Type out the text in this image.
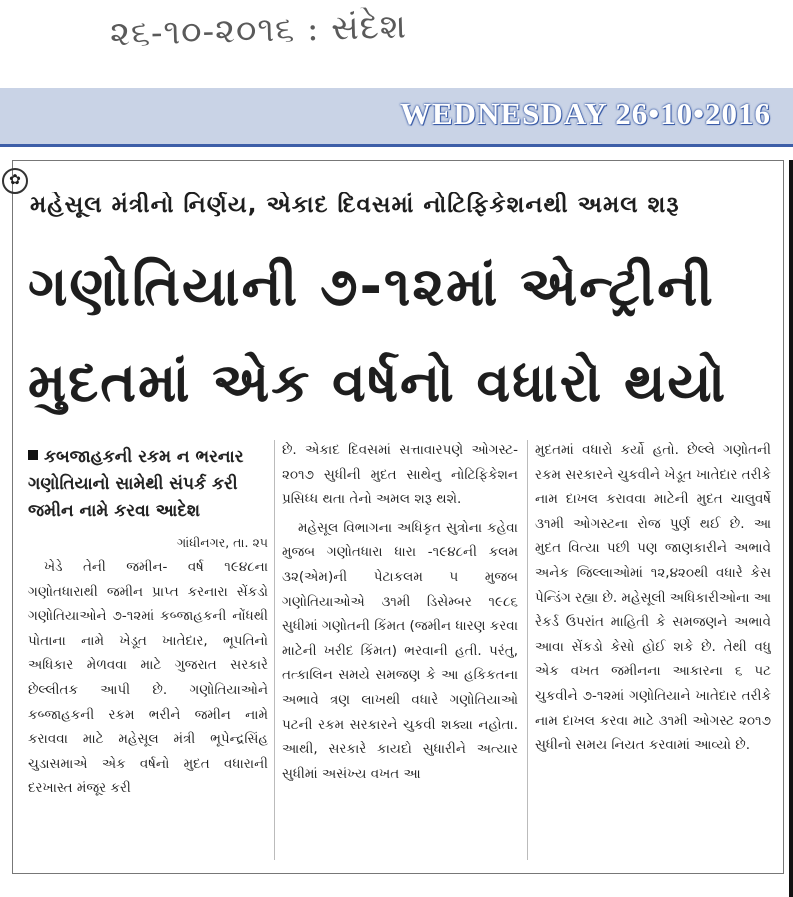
૨૬-૧૦-૨૦૧૬ : સંદેશ
WEDNESDAY 26•10•2016
✿
મહેસૂલ મંત્રીનો નિર્ણય, એકાદ દિવસમાં નોટિફિકેશનથી અમલ શરૂ
ગણોતિયાની ૭-૧૨માં એન્ટ્રીની
મુદતમાં એક વર્ષનો વધારો થયો
કબજાહકની રકમ ન ભરનાર ગણોતિયાનો સામેથી સંપર્ક કરી જમીન નામે કરવા આદેશ
ગાંધીનગર, તા. ૨૫

ખેડે તેની જમીન- વર્ષ ૧૯૪૮ના ગણોતધારાથી જમીન પ્રાપ્ત કરનારા સેંકડો ગણોતિયાઓને ૭-૧૨માં કબ્જાહકની નોંધથી પોતાના નામે ખેડૂત ખાતેદાર, ભૂપતિનો અધિકાર મેળવવા માટે ગુજરાત સરકારે છેલ્લીતક આપી છે. ગણોતિયાઓને કબ્જાહકની રકમ ભરીને જમીન નામે કરાવવા માટે મહેસૂલ મંત્રી ભૂપેન્દ્રસિંહ ચુડાસમાએ એક વર્ષનો મુદત વધારાની દરખાસ્ત મંજૂર કરી

છે. એકાદ દિવસમાં સત્તાવારપણે ઓગસ્ટ- ૨૦૧૭ સુધીની મુદત સાથેનુ નોટિફિકેશન પ્રસિધ્ધ થતા તેનો અમલ શરૂ થશે.

મહેસૂલ વિભાગના અધિકૃત સુત્રોના કહેવા મુજબ ગણોતધારા ધારા -૧૯૪૮ની કલમ ૩૨(એમ)ની પેટાકલમ ૫ મુજબ ગણોતિયાઓએ ૩૧મી ડિસેમ્બર ૧૯૮૬ સુધીમાં ગણોતની કિંમત (જમીન ધારણ કરવા માટેની ખરીદ કિંમત) ભરવાની હતી. પરંતુ, તત્કાલિન સમયે સમજણ કે આ હકિકતના અભાવે ત્રણ લાખથી વધારે ગણોતિયાઓ પટની રકમ સરકારને ચુકવી શક્યા નહોતા. આથી, સરકારે કાયદો સુધારીને અત્યાર સુધીમાં અસંખ્ય વખત આ

મુદતમાં વધારો કર્યો હતો. છેલ્લે ગણોતની રકમ સરકારને ચુકવીને ખેડૂત ખાતેદાર તરીકે નામ દાખલ કરાવવા માટેની મુદત ચાલુવર્ષે ૩૧મી ઓગસ્ટના રોજ પુર્ણ થઈ છે. આ મુદત વિત્યા પછી પણ જાણકારીને અભાવે અનેક જિલ્લાઓમાં ૧૨,૪૨૦થી વધારે કેસ પેન્ડિંગ રહ્યા છે. મહેસૂલી અધિકારીઓના આ રેકર્ડ ઉપરાંત માહિતી કે સમજણને અભાવે આવા સેંકડો કેસો હોઈ શકે છે. તેથી વધુ એક વખત જમીનના આકારના ૬ પટ ચુકવીને ૭-૧૨માં ગણોતિયાને ખાતેદાર તરીકે નામ દાખલ કરવા માટે ૩૧મી ઓગસ્ટ ૨૦૧૭ સુધીનો સમય નિયત કરવામાં આવ્યો છે.
